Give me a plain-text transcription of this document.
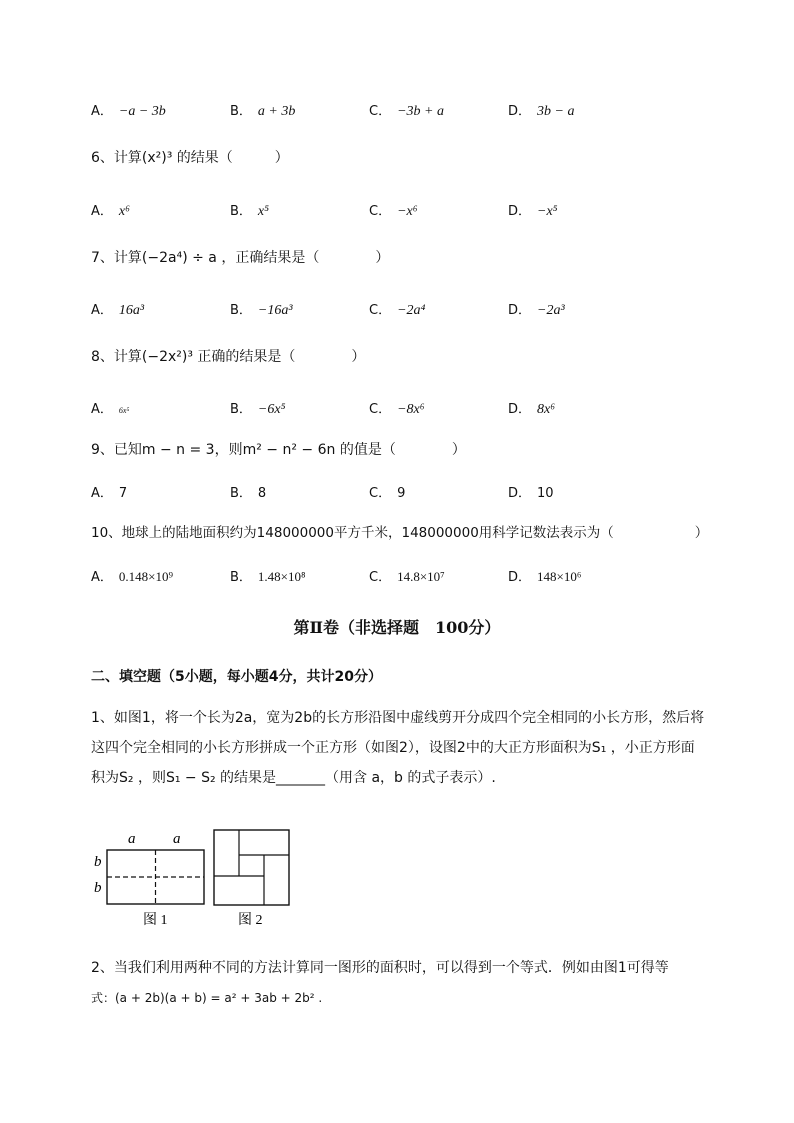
A． −a − 3b	B． a + 3b	C． −3b + a	D． 3b − a
6、计算(x²)³ 的结果（　　　）
A． x⁶	B． x⁵	C． −x⁶	D． −x⁵
7、计算(−2a⁴) ÷ a ，正确结果是（　　　　）
A． 16a³	B． −16a³	C． −2a⁴	D． −2a³
8、计算(−2x²)³ 正确的结果是（　　　　）
A． 6x⁵	B． −6x⁵	C． −8x⁶	D． 8x⁶
9、已知m − n = 3，则m² − n² − 6n 的值是（　　　　）
A． 7	B． 8	C． 9	D． 10
10、地球上的陆地面积约为148000000平方千米，148000000用科学记数法表示为（　　　　　　）
A． 0.148×10⁹	B． 1.48×10⁸	C． 14.8×10⁷	D． 148×10⁶
第Ⅱ卷（非选择题　100分）
二、填空题（5小题，每小题4分，共计20分）
1、如图1，将一个长为2a，宽为2b的长方形沿图中虚线剪开分成四个完全相同的小长方形，然后将
这四个完全相同的小长方形拼成一个正方形（如图2），设图2中的大正方形面积为S₁ ，小正方形面
积为S₂ ，则S₁ − S₂ 的结果是_______（用含 a，b 的式子表示）.
a	a
b
b
图 1	图 2
2、当我们利用两种不同的方法计算同一图形的面积时，可以得到一个等式．例如由图1可得等
式：(a + 2b)(a + b) = a² + 3ab + 2b² .
